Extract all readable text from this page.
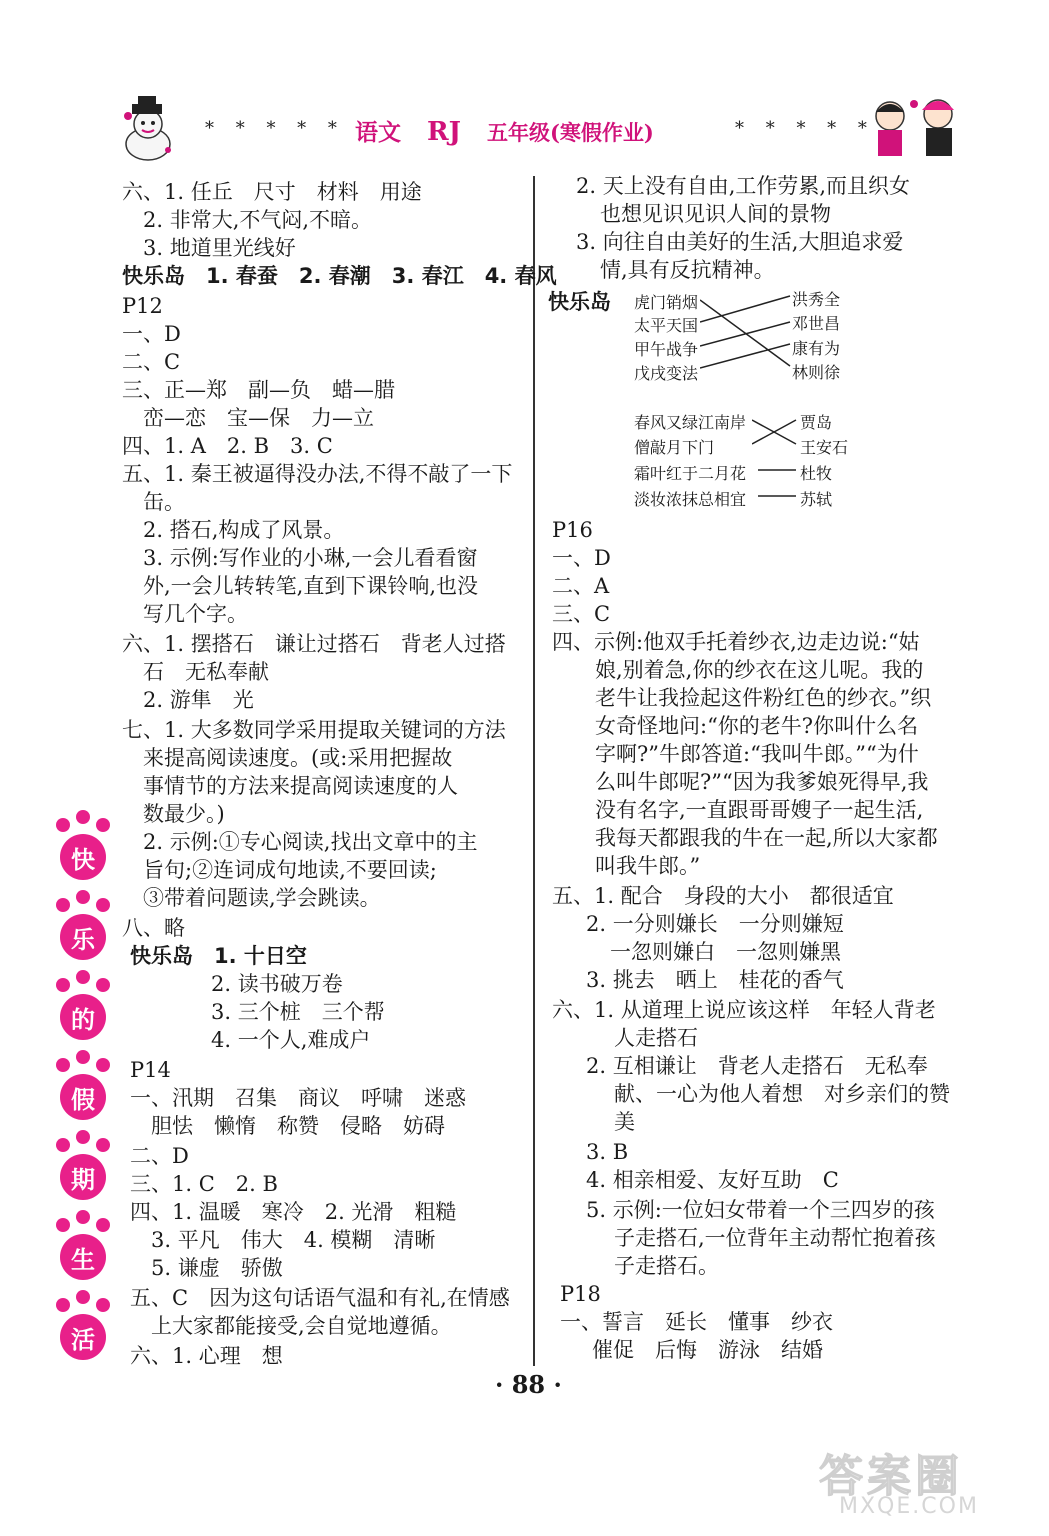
* * * * * 语文 RJ 五年级(寒假作业)	* * * * *
六、1. 任丘　尺寸　材料　用途
　2. 非常大,不气闷,不暗。
　3. 地道里光线好
快乐岛　1. 春蚕　2. 春潮　3. 春江　4. 春风
P12
一、D
二、C
三、正—郑　副—负　蜡—腊
　峦—恋　宝—保　力—立
四、1. A　2. B　3. C
五、1. 秦王被逼得没办法,不得不敲了一下
　缶。
　2. 搭石,构成了风景。
　3. 示例:写作业的小琳,一会儿看看窗
　外,一会儿转转笔,直到下课铃响,也没
　写几个字。
六、1. 摆搭石　谦让过搭石　背老人过搭
　石　无私奉献
　2. 游隼　光
七、1. 大多数同学采用提取关键词的方法
　来提高阅读速度。(或:采用把握故
　事情节的方法来提高阅读速度的人
　数最少。)
　2. 示例:①专心阅读,找出文章中的主
　旨句;②连词成句地读,不要回读;
　③带着问题读,学会跳读。
八、略
快乐岛　1. 十日空
　2. 读书破万卷
　3. 三个桩　三个帮
　4. 一个人,难成户
P14
一、汛期　召集　商议　呼啸　迷惑
　胆怯　懒惰　称赞　侵略　妨碍
二、D
三、1. C　2. B
四、1. 温暖　寒冷　2. 光滑　粗糙
　3. 平凡　伟大　4. 模糊　清晰
　5. 谦虚　骄傲
五、C　因为这句话语气温和有礼,在情感
　上大家都能接受,会自觉地遵循。
六、1. 心理　想
2. 天上没有自由,工作劳累,而且织女
也想见识见识人间的景物
3. 向往自由美好的生活,大胆追求爱
情,具有反抗精神。
快乐岛 虎门销烟
太平天国
甲午战争
戊戌变法
洪秀全
邓世昌
康有为
林则徐
春风又绿江南岸
僧敲月下门
霜叶红于二月花
淡妆浓抹总相宜
贾岛
王安石
杜牧
苏轼
P16
一、D
二、A
三、C
四、示例:他双手托着纱衣,边走边说:“姑
娘,别着急,你的纱衣在这儿呢。我的
老牛让我捡起这件粉红色的纱衣。”织
女奇怪地问:“你的老牛?你叫什么名
字啊?”牛郎答道:“我叫牛郎。”“为什
么叫牛郎呢?”“因为我爹娘死得早,我
没有名字,一直跟哥哥嫂子一起生活,
我每天都跟我的牛在一起,所以大家都
叫我牛郎。”
五、1. 配合　身段的大小　都很适宜
2. 一分则嫌长　一分则嫌短
一忽则嫌白　一忽则嫌黑
3. 挑去　晒上　桂花的香气
六、1. 从道理上说应该这样　年轻人背老
人走搭石
2. 互相谦让　背老人走搭石　无私奉
献、一心为他人着想　对乡亲们的赞
美
3. B
4. 相亲相爱、友好互助　C
5. 示例:一位妇女带着一个三四岁的孩
子走搭石,一位背年主动帮忙抱着孩
子走搭石。
P18
一、誓言　延长　懂事　纱衣
催促　后悔　游泳　结婚
快
乐
的
假
期
生
活
· 88 ·
答案圈
MXQE.COM
